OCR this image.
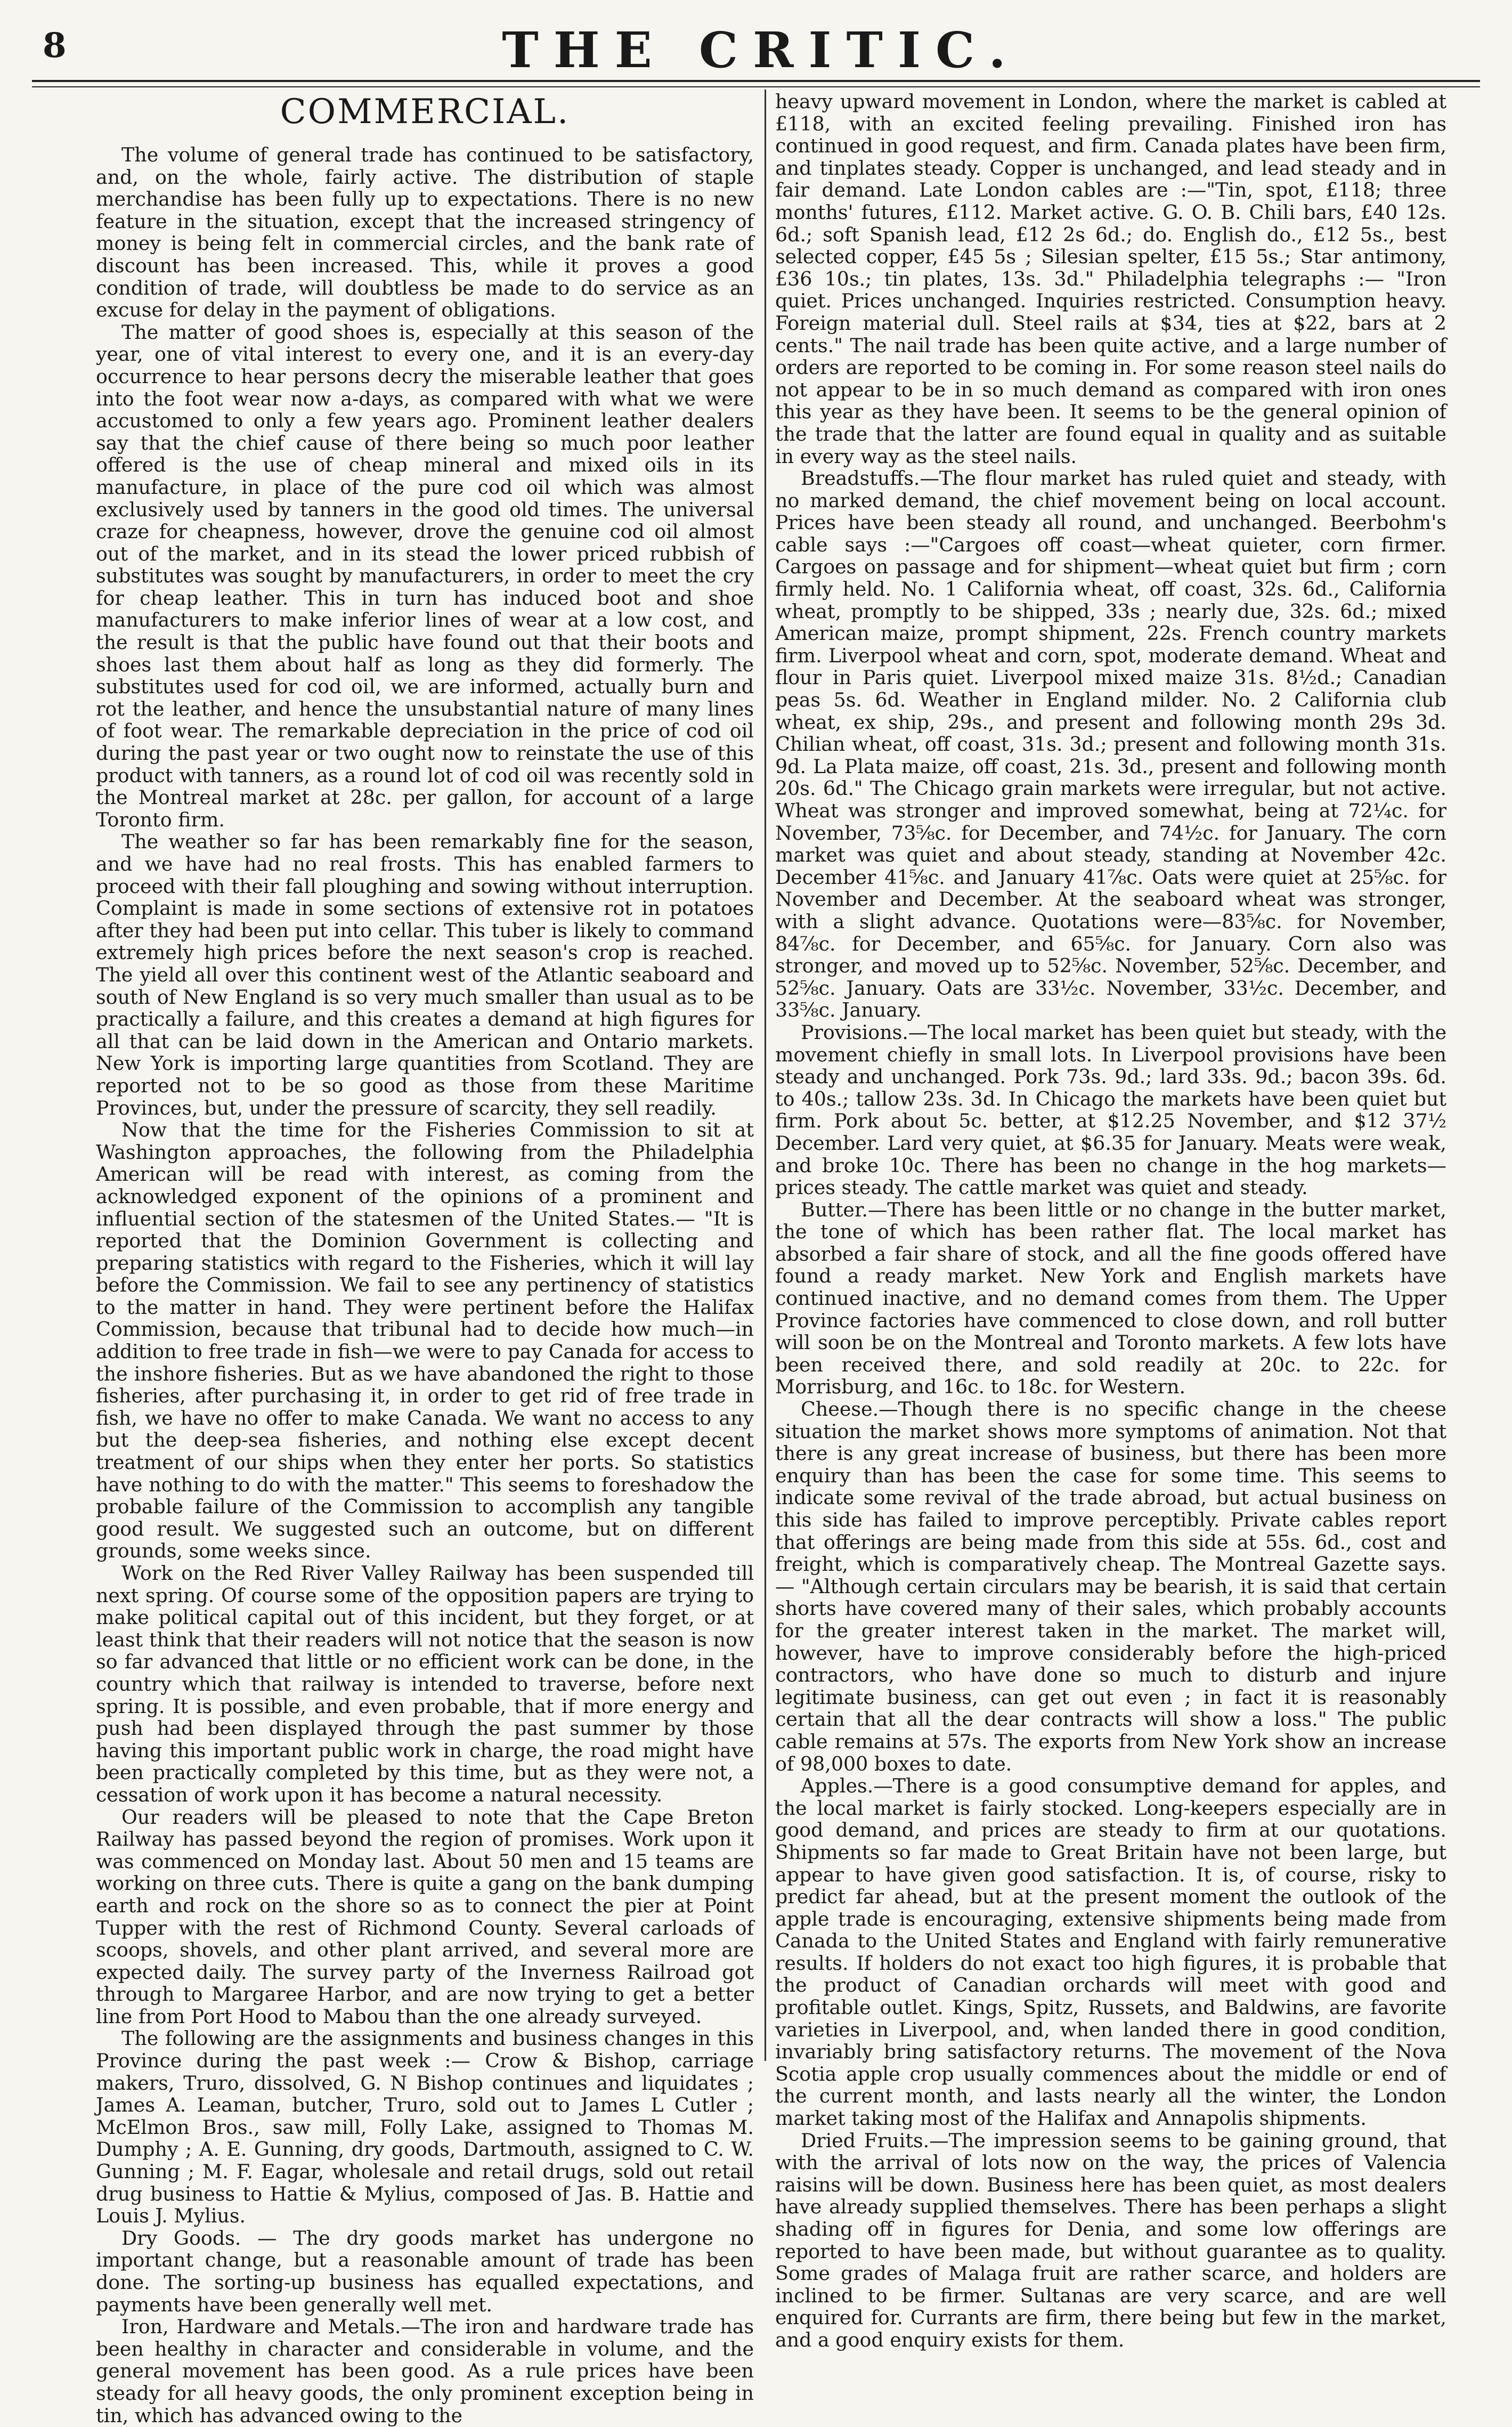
8	THE CRITIC.
COMMERCIAL.

The volume of general trade has continued to be satisfactory, and, on the whole, fairly active. The distribution of staple merchandise has been fully up to expectations. There is no new feature in the situation, except that the increased stringency of money is being felt in commercial circles, and the bank rate of discount has been increased. This, while it proves a good condition of trade, will doubtless be made to do service as an excuse for delay in the payment of obligations.

The matter of good shoes is, especially at this season of the year, one of vital interest to every one, and it is an every-day occurrence to hear persons decry the miserable leather that goes into the foot wear now a-days, as compared with what we were accustomed to only a few years ago. Prominent leather dealers say that the chief cause of there being so much poor leather offered is the use of cheap mineral and mixed oils in its manufacture, in place of the pure cod oil which was almost exclusively used by tanners in the good old times. The universal craze for cheapness, however, drove the genuine cod oil almost out of the market, and in its stead the lower priced rubbish of substitutes was sought by manufacturers, in order to meet the cry for cheap leather. This in turn has induced boot and shoe manufacturers to make inferior lines of wear at a low cost, and the result is that the public have found out that their boots and shoes last them about half as long as they did formerly. The substitutes used for cod oil, we are informed, actually burn and rot the leather, and hence the unsubstantial nature of many lines of foot wear. The remarkable depreciation in the price of cod oil during the past year or two ought now to reinstate the use of this product with tanners, as a round lot of cod oil was recently sold in the Montreal market at 28c. per gallon, for account of a large Toronto firm.

The weather so far has been remarkably fine for the season, and we have had no real frosts. This has enabled farmers to proceed with their fall ploughing and sowing without interruption. Complaint is made in some sections of extensive rot in potatoes after they had been put into cellar. This tuber is likely to command extremely high prices before the next season's crop is reached. The yield all over this continent west of the Atlantic seaboard and south of New England is so very much smaller than usual as to be practically a failure, and this creates a demand at high figures for all that can be laid down in the American and Ontario markets. New York is importing large quantities from Scotland. They are reported not to be so good as those from these Maritime Provinces, but, under the pressure of scarcity, they sell readily.

Now that the time for the Fisheries Commission to sit at Washington approaches, the following from the Philadelphia American will be read with interest, as coming from the acknowledged exponent of the opinions of a prominent and influential section of the statesmen of the United States.— "It is reported that the Dominion Government is collecting and preparing statistics with regard to the Fisheries, which it will lay before the Commission. We fail to see any pertinency of statistics to the matter in hand. They were pertinent before the Halifax Commission, because that tribunal had to decide how much—in addition to free trade in fish—we were to pay Canada for access to the inshore fisheries. But as we have abandoned the right to those fisheries, after purchasing it, in order to get rid of free trade in fish, we have no offer to make Canada. We want no access to any but the deep-sea fisheries, and nothing else except decent treatment of our ships when they enter her ports. So statistics have nothing to do with the matter." This seems to foreshadow the probable failure of the Commission to accomplish any tangible good result. We suggested such an outcome, but on different grounds, some weeks since.

Work on the Red River Valley Railway has been suspended till next spring. Of course some of the opposition papers are trying to make political capital out of this incident, but they forget, or at least think that their readers will not notice that the season is now so far advanced that little or no efficient work can be done, in the country which that railway is intended to traverse, before next spring. It is possible, and even probable, that if more energy and push had been displayed through the past summer by those having this important public work in charge, the road might have been practically completed by this time, but as they were not, a cessation of work upon it has become a natural necessity.

Our readers will be pleased to note that the Cape Breton Railway has passed beyond the region of promises. Work upon it was commenced on Monday last. About 50 men and 15 teams are working on three cuts. There is quite a gang on the bank dumping earth and rock on the shore so as to connect the pier at Point Tupper with the rest of Richmond County. Several carloads of scoops, shovels, and other plant arrived, and several more are expected daily. The survey party of the Inverness Railroad got through to Margaree Harbor, and are now trying to get a better line from Port Hood to Mabou than the one already surveyed.

The following are the assignments and business changes in this Province during the past week :— Crow & Bishop, carriage makers, Truro, dissolved, G. N Bishop continues and liquidates ; James A. Leaman, butcher, Truro, sold out to James L Cutler ; McElmon Bros., saw mill, Folly Lake, assigned to Thomas M. Dumphy ; A. E. Gunning, dry goods, Dartmouth, assigned to C. W. Gunning ; M. F. Eagar, wholesale and retail drugs, sold out retail drug business to Hattie & Mylius, composed of Jas. B. Hattie and Louis J. Mylius.

Dry Goods. — The dry goods market has undergone no important change, but a reasonable amount of trade has been done. The sorting-up business has equalled expectations, and payments have been generally well met.

Iron, Hardware and Metals.—The iron and hardware trade has been healthy in character and considerable in volume, and the general movement has been good. As a rule prices have been steady for all heavy goods, the only prominent exception being in tin, which has advanced owing to the

heavy upward movement in London, where the market is cabled at £118, with an excited feeling prevailing. Finished iron has continued in good request, and firm. Canada plates have been firm, and tinplates steady. Copper is unchanged, and lead steady and in fair demand. Late London cables are :—"Tin, spot, £118; three months' futures, £112. Market active. G. O. B. Chili bars, £40 12s. 6d.; soft Spanish lead, £12 2s 6d.; do. English do., £12 5s., best selected copper, £45 5s ; Silesian spelter, £15 5s.; Star antimony, £36 10s.; tin plates, 13s. 3d." Philadelphia telegraphs :— "Iron quiet. Prices unchanged. Inquiries restricted. Consumption heavy. Foreign material dull. Steel rails at $34, ties at $22, bars at 2 cents." The nail trade has been quite active, and a large number of orders are reported to be coming in. For some reason steel nails do not appear to be in so much demand as compared with iron ones this year as they have been. It seems to be the general opinion of the trade that the latter are found equal in quality and as suitable in every way as the steel nails.

Breadstuffs.—The flour market has ruled quiet and steady, with no marked demand, the chief movement being on local account. Prices have been steady all round, and unchanged. Beerbohm's cable says :—"Cargoes off coast—wheat quieter, corn firmer. Cargoes on passage and for shipment—wheat quiet but firm ; corn firmly held. No. 1 California wheat, off coast, 32s. 6d., California wheat, promptly to be shipped, 33s ; nearly due, 32s. 6d.; mixed American maize, prompt shipment, 22s. French country markets firm. Liverpool wheat and corn, spot, moderate demand. Wheat and flour in Paris quiet. Liverpool mixed maize 31s. 8½d.; Canadian peas 5s. 6d. Weather in England milder. No. 2 California club wheat, ex ship, 29s., and present and following month 29s 3d. Chilian wheat, off coast, 31s. 3d.; present and following month 31s. 9d. La Plata maize, off coast, 21s. 3d., present and following month 20s. 6d." The Chicago grain markets were irregular, but not active. Wheat was stronger and improved somewhat, being at 72¼c. for November, 73⅝c. for December, and 74½c. for January. The corn market was quiet and about steady, standing at November 42c. December 41⅝c. and January 41⅞c. Oats were quiet at 25⅝c. for November and December. At the seaboard wheat was stronger, with a slight advance. Quotations were—83⅝c. for November, 84⅞c. for December, and 65⅝c. for January. Corn also was stronger, and moved up to 52⅝c. November, 52⅝c. December, and 52⅝c. January. Oats are 33½c. November, 33½c. December, and 33⅝c. January.

Provisions.—The local market has been quiet but steady, with the movement chiefly in small lots. In Liverpool provisions have been steady and unchanged. Pork 73s. 9d.; lard 33s. 9d.; bacon 39s. 6d. to 40s.; tallow 23s. 3d. In Chicago the markets have been quiet but firm. Pork about 5c. better, at $12.25 November, and $12 37½ December. Lard very quiet, at $6.35 for January. Meats were weak, and broke 10c. There has been no change in the hog markets—prices steady. The cattle market was quiet and steady.

Butter.—There has been little or no change in the butter market, the tone of which has been rather flat. The local market has absorbed a fair share of stock, and all the fine goods offered have found a ready market. New York and English markets have continued inactive, and no demand comes from them. The Upper Province factories have commenced to close down, and roll butter will soon be on the Montreal and Toronto markets. A few lots have been received there, and sold readily at 20c. to 22c. for Morrisburg, and 16c. to 18c. for Western.

Cheese.—Though there is no specific change in the cheese situation the market shows more symptoms of animation. Not that there is any great increase of business, but there has been more enquiry than has been the case for some time. This seems to indicate some revival of the trade abroad, but actual business on this side has failed to improve perceptibly. Private cables report that offerings are being made from this side at 55s. 6d., cost and freight, which is comparatively cheap. The Montreal Gazette says.— "Although certain circulars may be bearish, it is said that certain shorts have covered many of their sales, which probably accounts for the greater interest taken in the market. The market will, however, have to improve considerably before the high-priced contractors, who have done so much to disturb and injure legitimate business, can get out even ; in fact it is reasonably certain that all the dear contracts will show a loss." The public cable remains at 57s. The exports from New York show an increase of 98,000 boxes to date.

Apples.—There is a good consumptive demand for apples, and the local market is fairly stocked. Long-keepers especially are in good demand, and prices are steady to firm at our quotations. Shipments so far made to Great Britain have not been large, but appear to have given good satisfaction. It is, of course, risky to predict far ahead, but at the present moment the outlook of the apple trade is encouraging, extensive shipments being made from Canada to the United States and England with fairly remunerative results. If holders do not exact too high figures, it is probable that the product of Canadian orchards will meet with good and profitable outlet. Kings, Spitz, Russets, and Baldwins, are favorite varieties in Liverpool, and, when landed there in good condition, invariably bring satisfactory returns. The movement of the Nova Scotia apple crop usually commences about the middle or end of the current month, and lasts nearly all the winter, the London market taking most of the Halifax and Annapolis shipments.

Dried Fruits.—The impression seems to be gaining ground, that with the arrival of lots now on the way, the prices of Valencia raisins will be down. Business here has been quiet, as most dealers have already supplied themselves. There has been perhaps a slight shading off in figures for Denia, and some low offerings are reported to have been made, but without guarantee as to quality. Some grades of Malaga fruit are rather scarce, and holders are inclined to be firmer. Sultanas are very scarce, and are well enquired for. Currants are firm, there being but few in the market, and a good enquiry exists for them.
